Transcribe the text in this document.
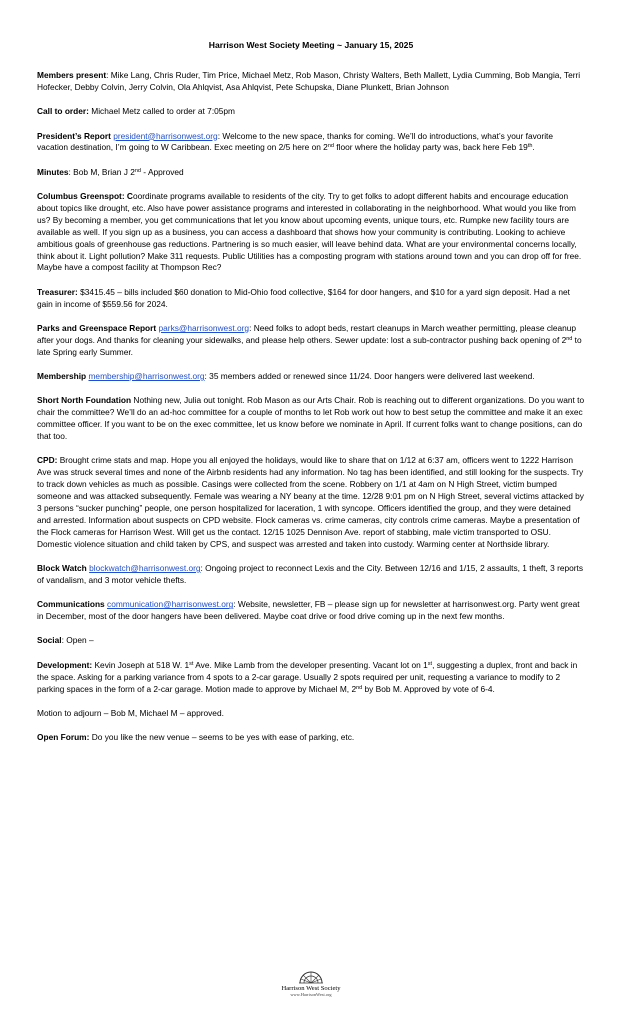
Harrison West Society Meeting ~ January 15, 2025

Members present: Mike Lang, Chris Ruder, Tim Price, Michael Metz, Rob Mason, Christy Walters, Beth Mallett, Lydia Cumming, Bob Mangia, Terri Hofecker, Debby Colvin, Jerry Colvin, Ola Ahlqvist, Asa Ahlqvist, Pete Schupska, Diane Plunkett, Brian Johnson

Call to order: Michael Metz called to order at 7:05pm

President’s Report president@harrisonwest.org: Welcome to the new space, thanks for coming. We’ll do introductions, what’s your favorite vacation destination, I’m going to W Caribbean. Exec meeting on 2/5 here on 2nd floor where the holiday party was, back here Feb 19th.

Minutes: Bob M, Brian J 2nd - Approved

Columbus Greenspot: Coordinate programs available to residents of the city. Try to get folks to adopt different habits and encourage education about topics like drought, etc. Also have power assistance programs and interested in collaborating in the neighborhood. What would you like from us? By becoming a member, you get communications that let you know about upcoming events, unique tours, etc. Rumpke new facility tours are available as well. If you sign up as a business, you can access a dashboard that shows how your community is contributing. Looking to achieve ambitious goals of greenhouse gas reductions. Partnering is so much easier, will leave behind data. What are your environmental concerns locally, think about it. Light pollution? Make 311 requests. Public Utilities has a composting program with stations around town and you can drop off for free. Maybe have a compost facility at Thompson Rec?

Treasurer: $3415.45 – bills included $60 donation to Mid-Ohio food collective, $164 for door hangers, and $10 for a yard sign deposit. Had a net gain in income of $559.56 for 2024.

Parks and Greenspace Report parks@harrisonwest.org: Need folks to adopt beds, restart cleanups in March weather permitting, please cleanup after your dogs. And thanks for cleaning your sidewalks, and please help others. Sewer update: lost a sub-contractor pushing back opening of 2nd to late Spring early Summer.

Membership membership@harrisonwest.org: 35 members added or renewed since 11/24. Door hangers were delivered last weekend.

Short North Foundation Nothing new, Julia out tonight. Rob Mason as our Arts Chair. Rob is reaching out to different organizations. Do you want to chair the committee? We’ll do an ad-hoc committee for a couple of months to let Rob work out how to best setup the committee and make it an exec committee officer. If you want to be on the exec committee, let us know before we nominate in April. If current folks want to change positions, can do that too.

CPD: Brought crime stats and map. Hope you all enjoyed the holidays, would like to share that on 1/12 at 6:37 am, officers went to 1222 Harrison Ave was struck several times and none of the Airbnb residents had any information. No tag has been identified, and still looking for the suspects. Try to track down vehicles as much as possible. Casings were collected from the scene. Robbery on 1/1 at 4am on N High Street, victim bumped someone and was attacked subsequently. Female was wearing a NY beany at the time. 12/28 9:01 pm on N High Street, several victims attacked by 3 persons “sucker punching” people, one person hospitalized for laceration, 1 with syncope. Officers identified the group, and they were detained and arrested. Information about suspects on CPD website. Flock cameras vs. crime cameras, city controls crime cameras. Maybe a presentation of the Flock cameras for Harrison West. Will get us the contact. 12/15 1025 Dennison Ave. report of stabbing, male victim transported to OSU. Domestic violence situation and child taken by CPS, and suspect was arrested and taken into custody. Warming center at Northside library.

Block Watch blockwatch@harrisonwest.org: Ongoing project to reconnect Lexis and the City. Between 12/16 and 1/15, 2 assaults, 1 theft, 3 reports of vandalism, and 3 motor vehicle thefts.

Communications communication@harrisonwest.org: Website, newsletter, FB – please sign up for newsletter at harrisonwest.org. Party went great in December, most of the door hangers have been delivered. Maybe coat drive or food drive coming up in the next few months.

Social: Open –

Development: Kevin Joseph at 518 W. 1st Ave. Mike Lamb from the developer presenting. Vacant lot on 1st, suggesting a duplex, front and back in the space. Asking for a parking variance from 4 spots to a 2-car garage. Usually 2 spots required per unit, requesting a variance to modify to 2 parking spaces in the form of a 2-car garage. Motion made to approve by Michael M, 2nd by Bob M. Approved by vote of 6-4.

Motion to adjourn – Bob M, Michael M – approved.

Open Forum: Do you like the new venue – seems to be yes with ease of parking, etc.

Harrison West Society
www.HarrisonWest.org
